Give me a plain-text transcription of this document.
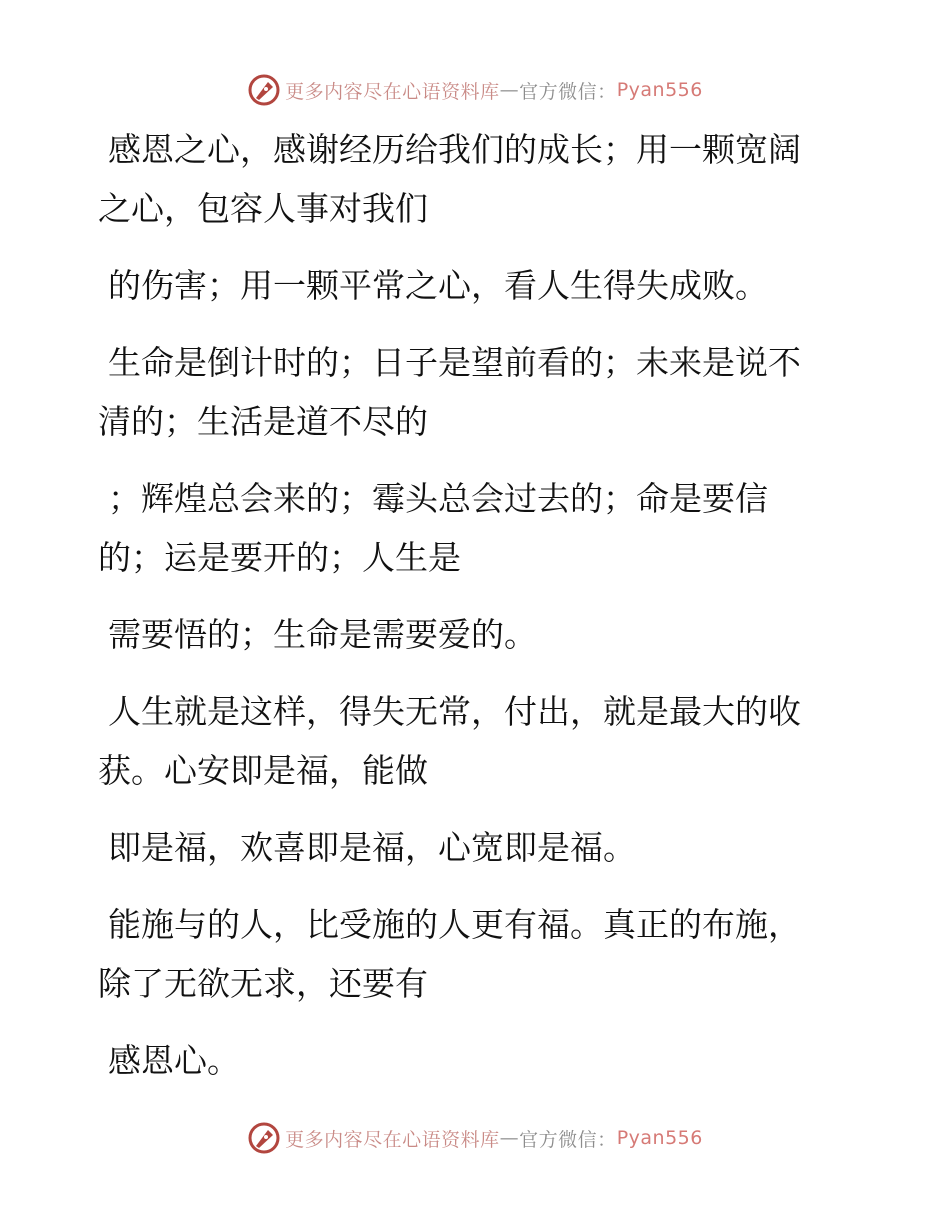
更多内容尽在心语资料库 — 官方微信： Pyan556

感恩之心，感谢经历给我们的成长；用一颗宽阔
之心，包容人事对我们

的伤害；用一颗平常之心，看人生得失成败。

生命是倒计时的；日子是望前看的；未来是说不
清的；生活是道不尽的

；辉煌总会来的；霉头总会过去的；命是要信
的；运是要开的；人生是

需要悟的；生命是需要爱的。

人生就是这样，得失无常，付出，就是最大的收
获。心安即是福，能做

即是福，欢喜即是福，心宽即是福。

能施与的人，比受施的人更有福。真正的布施，
除了无欲无求，还要有

感恩心。

更多内容尽在心语资料库 — 官方微信： Pyan556
